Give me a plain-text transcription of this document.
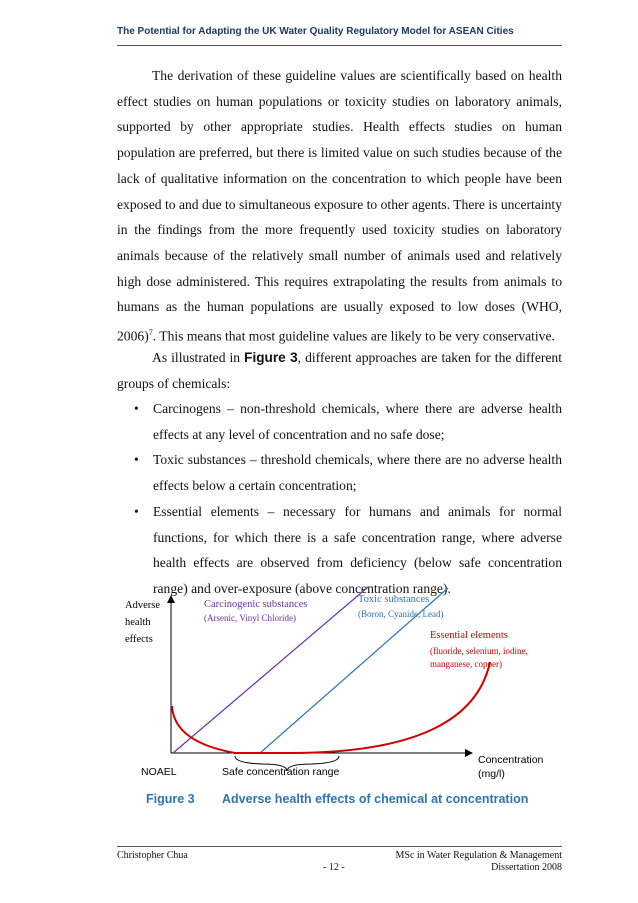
The Potential for Adapting the UK Water Quality Regulatory Model for ASEAN Cities

The derivation of these guideline values are scientifically based on health effect studies on human populations or toxicity studies on laboratory animals, supported by other appropriate studies. Health effects studies on human population are preferred, but there is limited value on such studies because of the lack of qualitative information on the concentration to which people have been exposed to and due to simultaneous exposure to other agents. There is uncertainty in the findings from the more frequently used toxicity studies on laboratory animals because of the relatively small number of animals used and relatively high dose administered. This requires extrapolating the results from animals to humans as the human populations are usually exposed to low doses (WHO, 2006)$^7$. This means that most guideline values are likely to be very conservative.

As illustrated in Figure 3, different approaches are taken for the different groups of chemicals:

• Carcinogens – non-threshold chemicals, where there are adverse health effects at any level of concentration and no safe dose;
• Toxic substances – threshold chemicals, where there are no adverse health effects below a certain concentration;
• Essential elements – necessary for humans and animals for normal functions, for which there is a safe concentration range, where adverse health effects are observed from deficiency (below safe concentration range) and over-exposure (above concentration range).
Adverse health effects
Carcinogenic substances
(Arsenic, Vinyl Chloride)
Toxic substances
(Boron, Cyanide, Lead)
Essential elements
(fluoride, selenium, iodine, manganese, copper)
NOAEL	Safe concentration range
Concentration (mg/l)
Figure 3 Adverse health effects of chemical at concentration
Christopher Chua
- 12 -
MSc in Water Regulation & Management
Dissertation 2008
